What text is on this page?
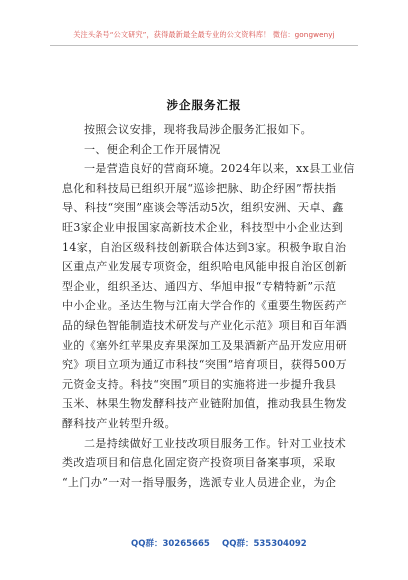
关注头条号“公文研究”，获得最新最全最专业的公文资料库！ 微信：gongwenyj
涉企服务汇报
按照会议安排，现将我局涉企服务汇报如下。
一、便企利企工作开展情况
一是营造良好的营商环境。2024年以来，xx县工业信
息化和科技局已组织开展“巡诊把脉、助企纾困”帮扶指
导、科技“突围”座谈会等活动5次，组织安洲、天卓、鑫
旺3家企业申报国家高新技术企业，科技型中小企业达到
14家，自治区级科技创新联合体达到3家。积极争取自治
区重点产业发展专项资金，组织哈电风能申报自治区创新
型企业，组织圣达、通四方、华旭申报“专精特新”示范
中小企业。圣达生物与江南大学合作的《重要生物医药产
品的绿色智能制造技术研发与产业化示范》项目和百年酒
业的《塞外红苹果皮弃果深加工及果酒新产品开发应用研
究》项目立项为通辽市科技“突围”培育项目，获得500万
元资金支持。科技“突围”项目的实施将进一步提升我县
玉米、林果生物发酵科技产业链附加值，推动我县生物发
酵科技产业转型升级。
二是持续做好工业技改项目服务工作。针对工业技术
类改造项目和信息化固定资产投资项目备案事项，采取
“上门办”一对一指导服务，选派专业人员进企业，为企
QQ群：30265665 QQ群：535304092
